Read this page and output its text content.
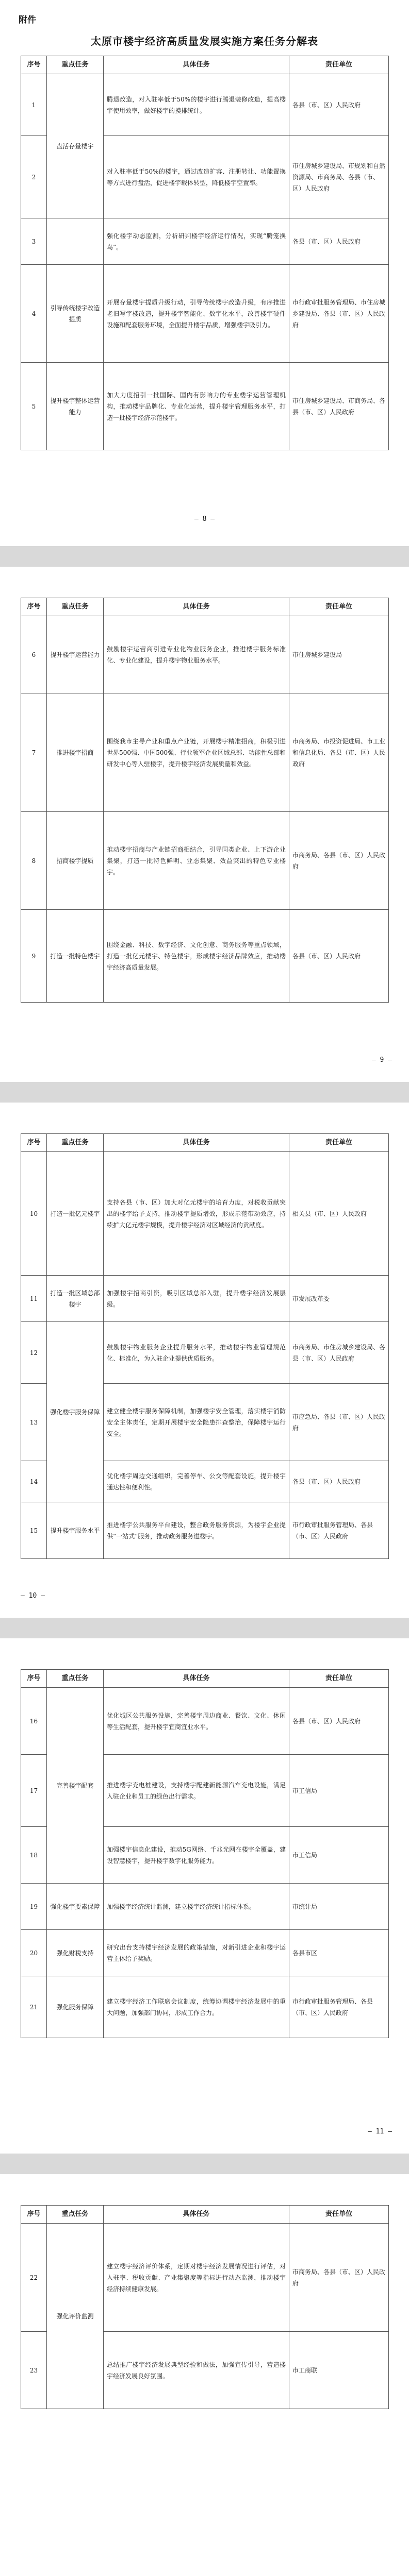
附件
太原市楼宇经济高质量发展实施方案任务分解表
序号	重点任务	具体任务	责任单位
1	盘活存量楼宇	腾退改造，对入驻率低于50%的楼宇进行腾退装修改造，提高楼宇使用效率，做好楼宇的摸排统计。	各县（市、区）人民政府
2		对入驻率低于50%的楼宇，通过改造扩容、注册转让、功能置换等方式进行盘活，促进楼宇载体转型，降低楼宇空置率。	市住房城乡建设局、市规划和自然资源局、市商务局、各县（市、区）人民政府
3		强化楼宇动态监测，分析研判楼宇经济运行情况，实现“腾笼换鸟”。	各县（市、区）人民政府
4	引导传统楼宇改造提质	开展存量楼宇提质升级行动，引导传统楼宇改造升级，有序推进老旧写字楼改造，提升楼宇智能化、数字化水平，改善楼宇硬件设施和配套服务环境，全面提升楼宇品质，增强楼宇吸引力。	市行政审批服务管理局、市住房城乡建设局、各县（市、区）人民政府
5	提升楼宇整体运营能力	加大力度招引一批国际、国内有影响力的专业楼宇运营管理机构，推动楼宇品牌化、专业化运营，提升楼宇管理服务水平，打造一批楼宇经济示范楼宇。	市住房城乡建设局、市商务局、各县（市、区）人民政府
— 8 —
序号	重点任务	具体任务	责任单位
6	提升楼宇运营能力	鼓励楼宇运营商引进专业化物业服务企业，推进楼宇服务标准化、专业化建设，提升楼宇物业服务水平。	市住房城乡建设局
7	推进楼宇招商	围绕我市主导产业和重点产业链，开展楼宇精准招商，积极引进世界500强、中国500强、行业领军企业区域总部、功能性总部和研发中心等入驻楼宇，提升楼宇经济发展质量和效益。	市商务局、市投资促进局、市工业和信息化局、各县（市、区）人民政府
8	招商楼宇提质	推动楼宇招商与产业链招商相结合，引导同类企业、上下游企业集聚，打造一批特色鲜明、业态集聚、效益突出的特色专业楼宇。	市商务局、各县（市、区）人民政府
9	打造一批特色楼宇	围绕金融、科技、数字经济、文化创意、商务服务等重点领域，打造一批亿元楼宇、特色楼宇，形成楼宇经济品牌效应，推动楼宇经济高质量发展。	各县（市、区）人民政府
— 9 —
序号	重点任务	具体任务	责任单位
10	打造一批亿元楼宇	支持各县（市、区）加大对亿元楼宇的培育力度，对税收贡献突出的楼宇给予支持，推动楼宇提质增效，形成示范带动效应，持续扩大亿元楼宇规模，提升楼宇经济对区域经济的贡献度。	相关县（市、区）人民政府
11	打造一批区域总部楼宇	加强楼宇招商引资，吸引区域总部入驻，提升楼宇经济发展层级。	市发展改革委
12	强化楼宇服务保障	鼓励楼宇物业服务企业提升服务水平，推动楼宇物业管理规范化、标准化，为入驻企业提供优质服务。	市商务局、市住房城乡建设局、各县（市、区）人民政府
13		建立健全楼宇服务保障机制，加强楼宇安全管理，落实楼宇消防安全主体责任，定期开展楼宇安全隐患排查整治，保障楼宇运行安全。	市应急局、各县（市、区）人民政府
14		优化楼宇周边交通组织，完善停车、公交等配套设施，提升楼宇通达性和便利性。	各县（市、区）人民政府
15	提升楼宇服务水平	推进楼宇公共服务平台建设，整合政务服务资源，为楼宇企业提供“一站式”服务，推动政务服务进楼宇。	市行政审批服务管理局、各县（市、区）人民政府
— 10 —
序号	重点任务	具体任务	责任单位
16	完善楼宇配套	优化城区公共服务设施，完善楼宇周边商业、餐饮、文化、休闲等生活配套，提升楼宇宜商宜业水平。	各县（市、区）人民政府
17		推进楼宇充电桩建设，支持楼宇配建新能源汽车充电设施，满足入驻企业和员工的绿色出行需求。	市工信局
18		加强楼宇信息化建设，推动5G网络、千兆光网在楼宇全覆盖，建设智慧楼宇，提升楼宇数字化服务能力。	市工信局
19	强化楼宇要素保障	加强楼宇经济统计监测，建立楼宇经济统计指标体系。	市统计局
20	强化财税支持	研究出台支持楼宇经济发展的政策措施，对新引进企业和楼宇运营主体给予奖励。	各县市区
21	强化服务保障	建立楼宇经济工作联席会议制度，统筹协调楼宇经济发展中的重大问题，加强部门协同，形成工作合力。	市行政审批服务管理局、各县（市、区）人民政府
— 11 —
序号	重点任务	具体任务	责任单位
22	强化评价监测	建立楼宇经济评价体系，定期对楼宇经济发展情况进行评估，对入驻率、税收贡献、产业集聚度等指标进行动态监测，推动楼宇经济持续健康发展。	市商务局、各县（市、区）人民政府
23		总结推广楼宇经济发展典型经验和做法，加强宣传引导，营造楼宇经济发展良好氛围。	市工商联
